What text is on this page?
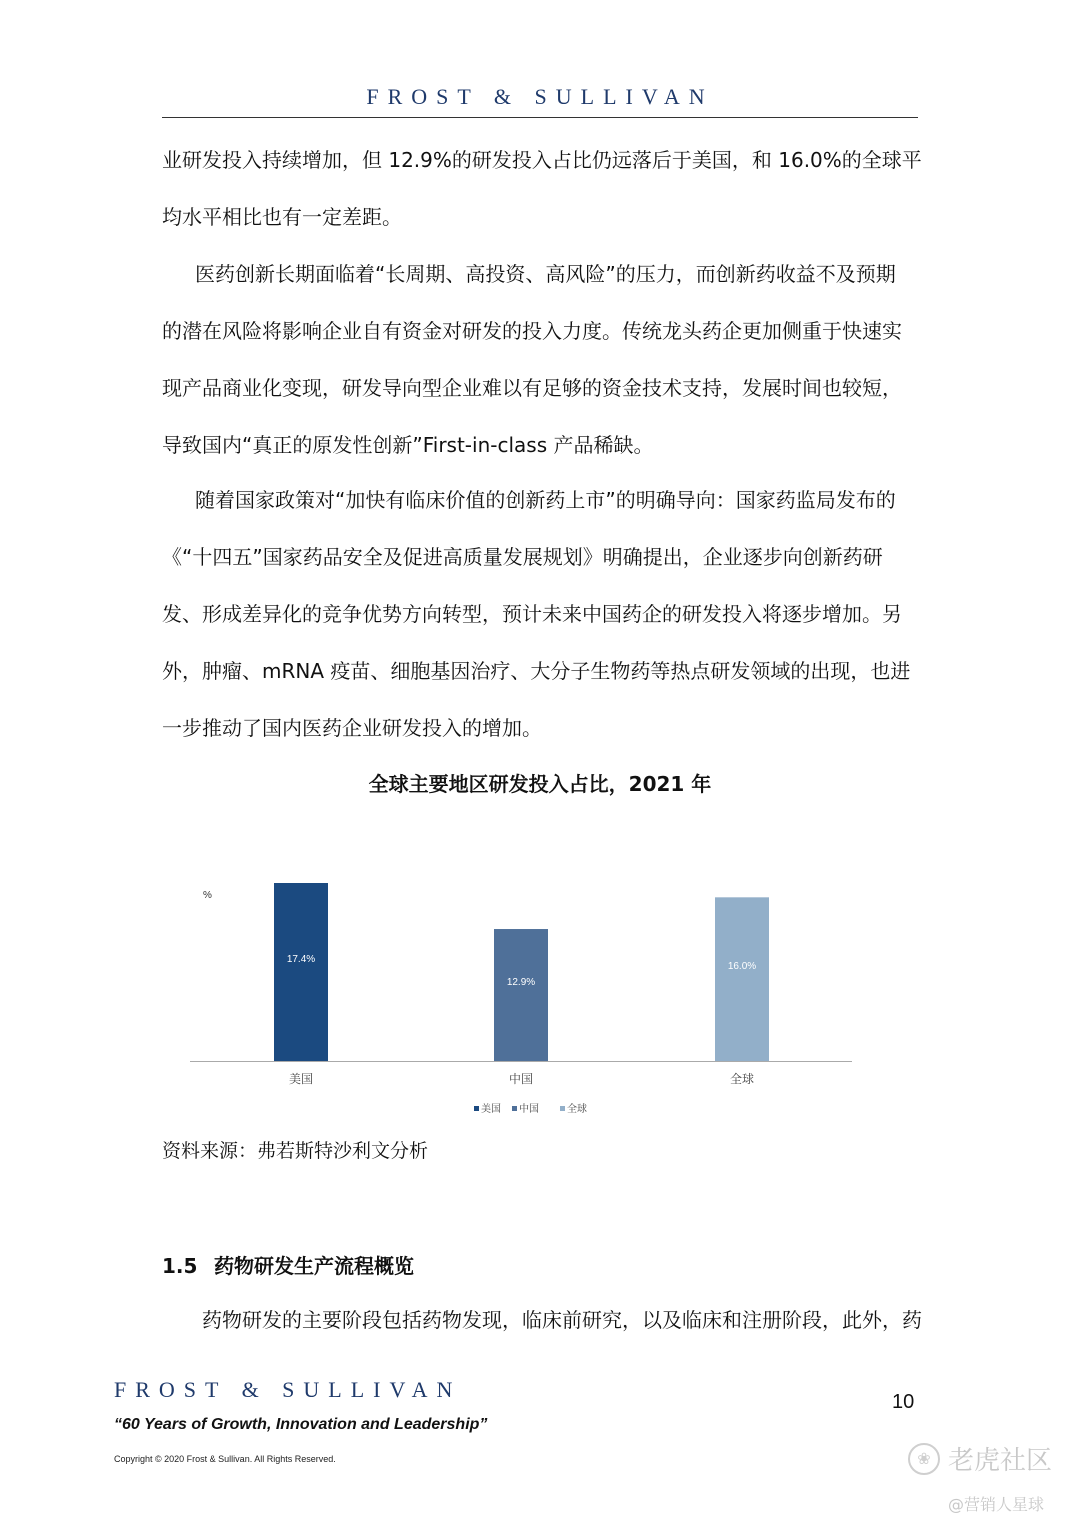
FROST & SULLIVAN
业研发投入持续增加，但 12.9%的研发投入占比仍远落后于美国，和 16.0%的全球平
均水平相比也有一定差距。
医药创新长期面临着“长周期、高投资、高风险”的压力，而创新药收益不及预期
的潜在风险将影响企业自有资金对研发的投入力度。传统龙头药企更加侧重于快速实
现产品商业化变现，研发导向型企业难以有足够的资金技术支持，发展时间也较短，
导致国内“真正的原发性创新”First-in-class 产品稀缺。
随着国家政策对“加快有临床价值的创新药上市”的明确导向：国家药监局发布的
《“十四五”国家药品安全及促进高质量发展规划》明确提出，企业逐步向创新药研
发、形成差异化的竞争优势方向转型，预计未来中国药企的研发投入将逐步增加。另
外，肿瘤、mRNA 疫苗、细胞基因治疗、大分子生物药等热点研发领域的出现，也进
一步推动了国内医药企业研发投入的增加。
全球主要地区研发投入占比，2021 年
%
17.4%
美国
12.9%
中国
16.0%
全球
美国 中国	全球
资料来源：弗若斯特沙利文分析
1.5 药物研发生产流程概览
药物研发的主要阶段包括药物发现，临床前研究，以及临床和注册阶段，此外，药
FROST & SULLIVAN	10
“60 Years of Growth, Innovation and Leadership”
Copyright © 2020 Frost & Sullivan. All Rights Reserved.	❀ 老虎社区
@营销人星球
